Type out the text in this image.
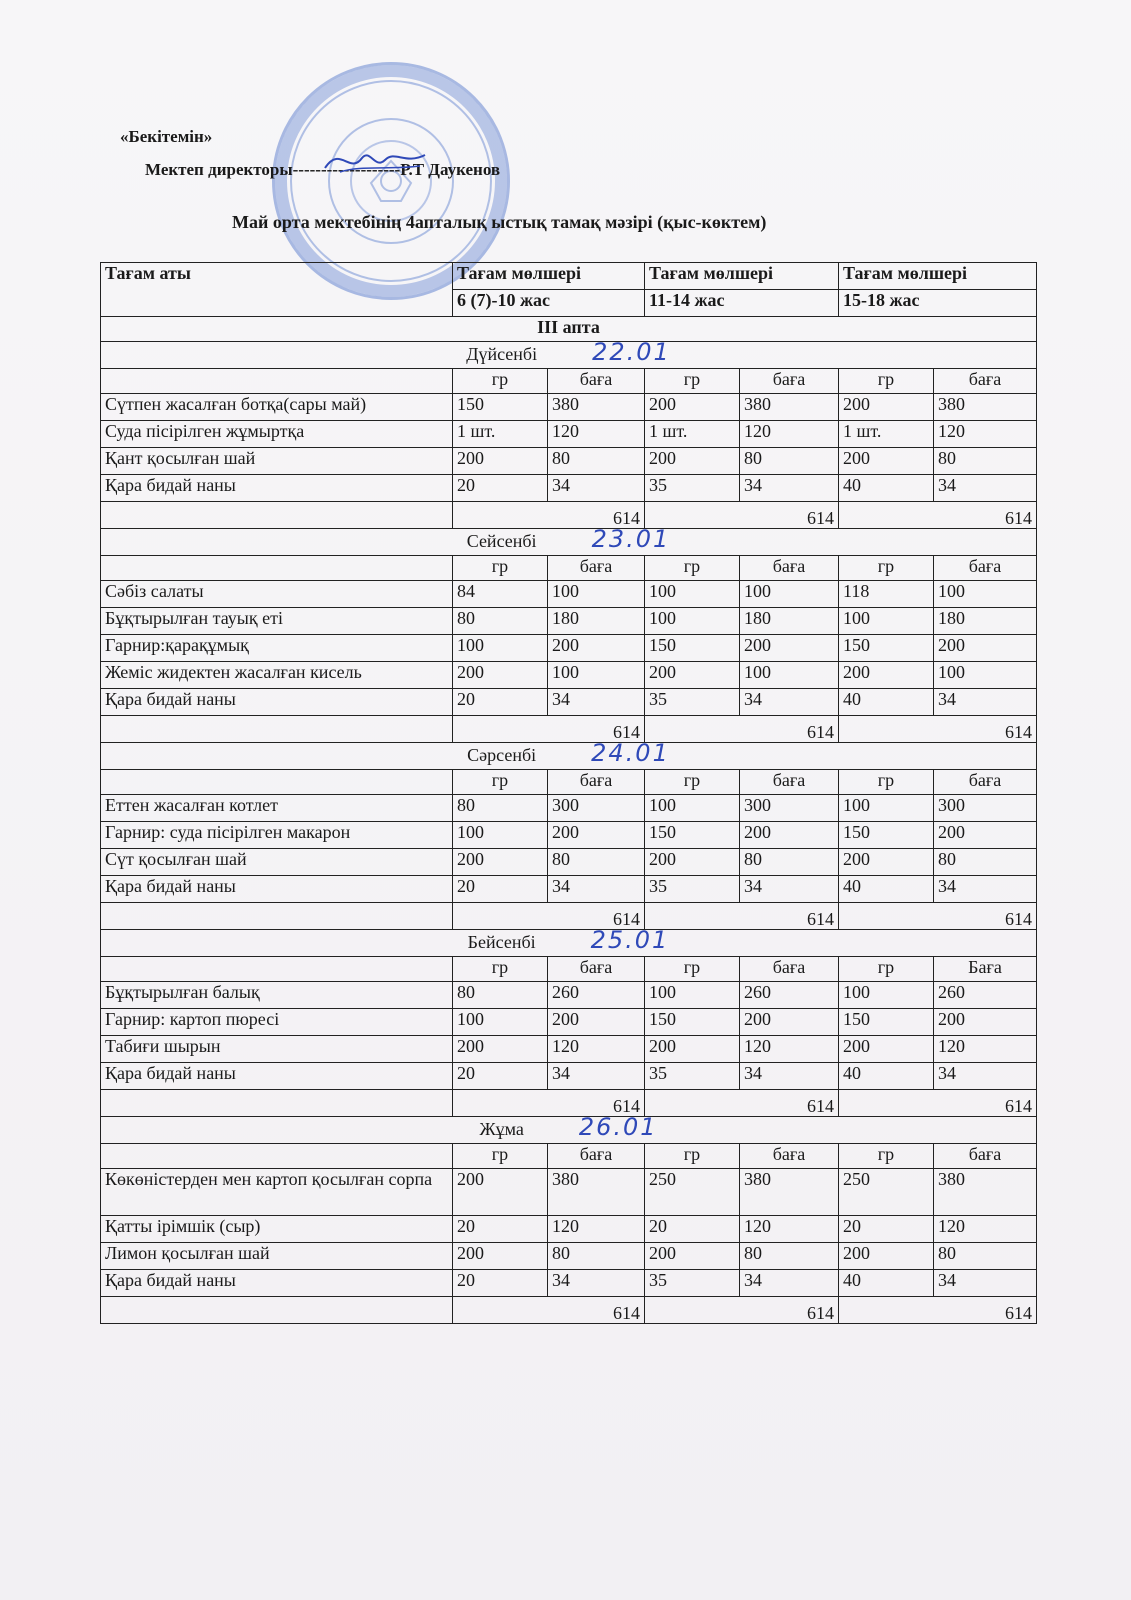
«Бекітемін»
Мектеп директоры-------------------Р.Т Даукенов
Май орта мектебінің 4апталық ыстық тамақ мәзірі (қыс-көктем)
Тағам аты	Тағам мөлшері		Тағам мөлшері		Тағам мөлшері	
	6 (7)-10 жас		11-14 жас		15-18 жас	
III апта						
Дүйсенбі 22.01						
	гр	баға	гр	баға	гр	баға
Сүтпен жасалған ботқа(сары май)	150	380	200	380	200	380
Суда пісірілген жұмыртқа	1 шт.	120	1 шт.	120	1 шт.	120
Қант қосылған шай	200	80	200	80	200	80
Қара бидай наны	20	34	35	34	40	34
	614		614		614	
Сейсенбі 23.01						
	гр	баға	гр	баға	гр	баға
Сәбіз салаты	84	100	100	100	118	100
Бұқтырылған тауық еті	80	180	100	180	100	180
Гарнир:қарақұмық	100	200	150	200	150	200
Жеміс жидектен жасалған кисель	200	100	200	100	200	100
Қара бидай наны	20	34	35	34	40	34
	614		614		614	
Сәрсенбі 24.01						
	гр	баға	гр	баға	гр	баға
Еттен жасалған котлет	80	300	100	300	100	300
Гарнир: суда пісірілген макарон	100	200	150	200	150	200
Сүт қосылған шай	200	80	200	80	200	80
Қара бидай наны	20	34	35	34	40	34
	614		614		614	
Бейсенбі 25.01						
	гр	баға	гр	баға	гр	Баға
Бұқтырылған балық	80	260	100	260	100	260
Гарнир: картоп пюресі	100	200	150	200	150	200
Табиғи шырын	200	120	200	120	200	120
Қара бидай наны	20	34	35	34	40	34
	614		614		614	
Жұма 26.01						
	гр	баға	гр	баға	гр	баға
Көкөністерден мен картоп қосылған сорпа	200	380	250	380	250	380
Қатты ірімшік (сыр)	20	120	20	120	20	120
Лимон қосылған шай	200	80	200	80	200	80
Қара бидай наны	20	34	35	34	40	34
	614		614		614	
